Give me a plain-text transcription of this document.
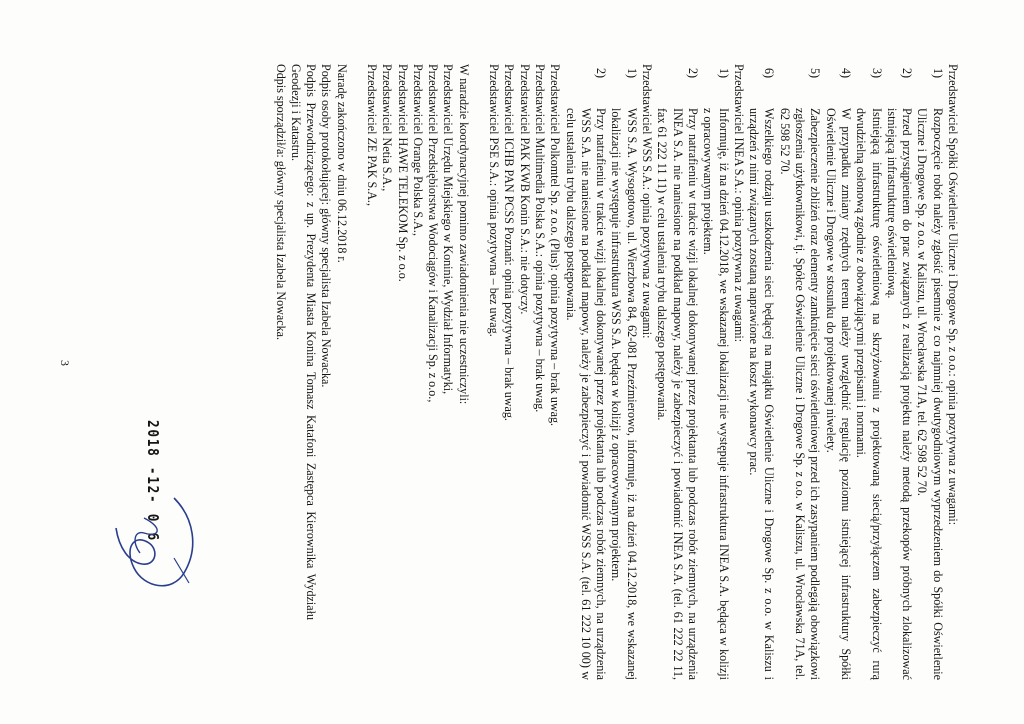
Przedstawiciel Spółki Oświetlenie Uliczne i Drogowe Sp. z o.o.: opinia pozytywna z uwagami:

1)
Rozpoczęcie robót należy zgłosić pisemnie z co najmniej dwutygodniowym wyprzedzeniem do Spółki Oświetlenie Uliczne i Drogowe Sp. z o.o. w Kaliszu, ul. Wrocławska 71A, tel. 62 598 52 70.
2)
Przed przystąpieniem do prac związanych z realizacją projektu należy metodą przekopów próbnych zlokalizować istniejącą infrastrukturę oświetleniową.
3)
Istniejącą infrastrukturę oświetleniową na skrzyżowaniu z projektowaną siecią/przyłączem zabezpieczyć rurą dwudzielną osłonową zgodnie z obowiązującymi przepisami i normami.
4)
W przypadku zmiany rzędnych terenu należy uwzględnić regulację poziomu istniejącej infrastruktury Spółki Oświetlenie Uliczne i Drogowe w stosunku do projektowanej niwelety.
5)
Zabezpieczenie zbliżeń oraz elementy zamknięcie sieci oświetleniowej przed ich zasypaniem podlegają obowiązkowi zgłoszenia użytkownikowi, tj. Spółce Oświetlenie Uliczne i Drogowe Sp. z o.o. w Kaliszu, ul. Wrocławska 71A, tel. 62 598 52 70.
6)
Wszelkiego rodzaju uszkodzenia sieci będącej na majątku Oświetlenie Uliczne i Drogowe Sp. z o.o. w Kaliszu i urządzeń z nimi związanych zostaną naprawione na koszt wykonawcy prac.

Przedstawiciel INEA S.A.: opinia pozytywna z uwagami:

1)
Informuję, iż na dzień 04.12.2018, we wskazanej lokalizacji nie występuje infrastruktura INEA S.A. będąca w kolizji z opracowywanym projektem.
2)
Przy natrafieniu w trakcie wizji lokalnej dokonywanej przez projektanta lub podczas robót ziemnych, na urządzenia INEA S.A. nie naniesione na podkład mapowy, należy je zabezpieczyć i powiadomić INEA S.A. (tel. 61 222 22 11, fax 61 222 11 11) w celu ustalenia trybu dalszego postępowania.

Przedstawiciel WSS S.A.: opinia pozytywna z uwagami:

1)
WSS S.A. Wysogotowo, ul. Wierzbowa 84, 62-081 Przeźmierowo, informuje, iż na dzień 04.12.2018, we wskazanej lokalizacji nie występuje infrastruktura WSS S.A. będąca w kolizji z opracowywanym projektem.
2)
Przy natrafieniu w trakcie wizji lokalnej dokonywanej przez projektanta lub podczas robót ziemnych, na urządzenia WSS S.A. nie naniesione na podkład mapowy, należy je zabezpieczyć i powiadomić WSS S.A. (tel. 61 222 10 00) w celu ustalenia trybu dalszego postępowania.

Przedstawiciel Polkomtel Sp. z o.o. (Plus): opinia pozytywna – brak uwag.

Przedstawiciel Multimedia Polska S.A.: opinia pozytywna – brak uwag.

Przedstawiciel PAK KWB Konin S.A.: nie dotyczy.

Przedstawiciel ICHB PAN PCSS Poznań: opinia pozytywna – brak uwag.

Przedstawiciel PSE S.A.: opinia pozytywna – bez uwag.

W naradzie koordynacyjnej pomimo zawiadomienia nie uczestniczyli:

Przedstawiciel Urzędu Miejskiego w Koninie, Wydział Informatyki,

Przedstawiciel Przedsiębiorstwa Wodociągów i Kanalizacji Sp. z o.o.,

Przedstawiciel Orange Polska S.A.,

Przedstawiciel HAWE TELEKOM Sp. z o.o.

Przedstawiciel Netia S.A.,

Przedstawiciel ZE PAK S.A.,

Naradę zakończono w dniu 06.12.2018 r.

Podpis osoby protokołującej: główny specjalista Izabela Nowacka.

Podpis Przewodniczącego: z up. Prezydenta Miasta Konina Tomasz Katafoni Zastępca Kierownika Wydziału Geodezji i Katastru.

Odpis sporządził/a: główny specjalista Izabela Nowacka.

2018 -12- 0 6
3
